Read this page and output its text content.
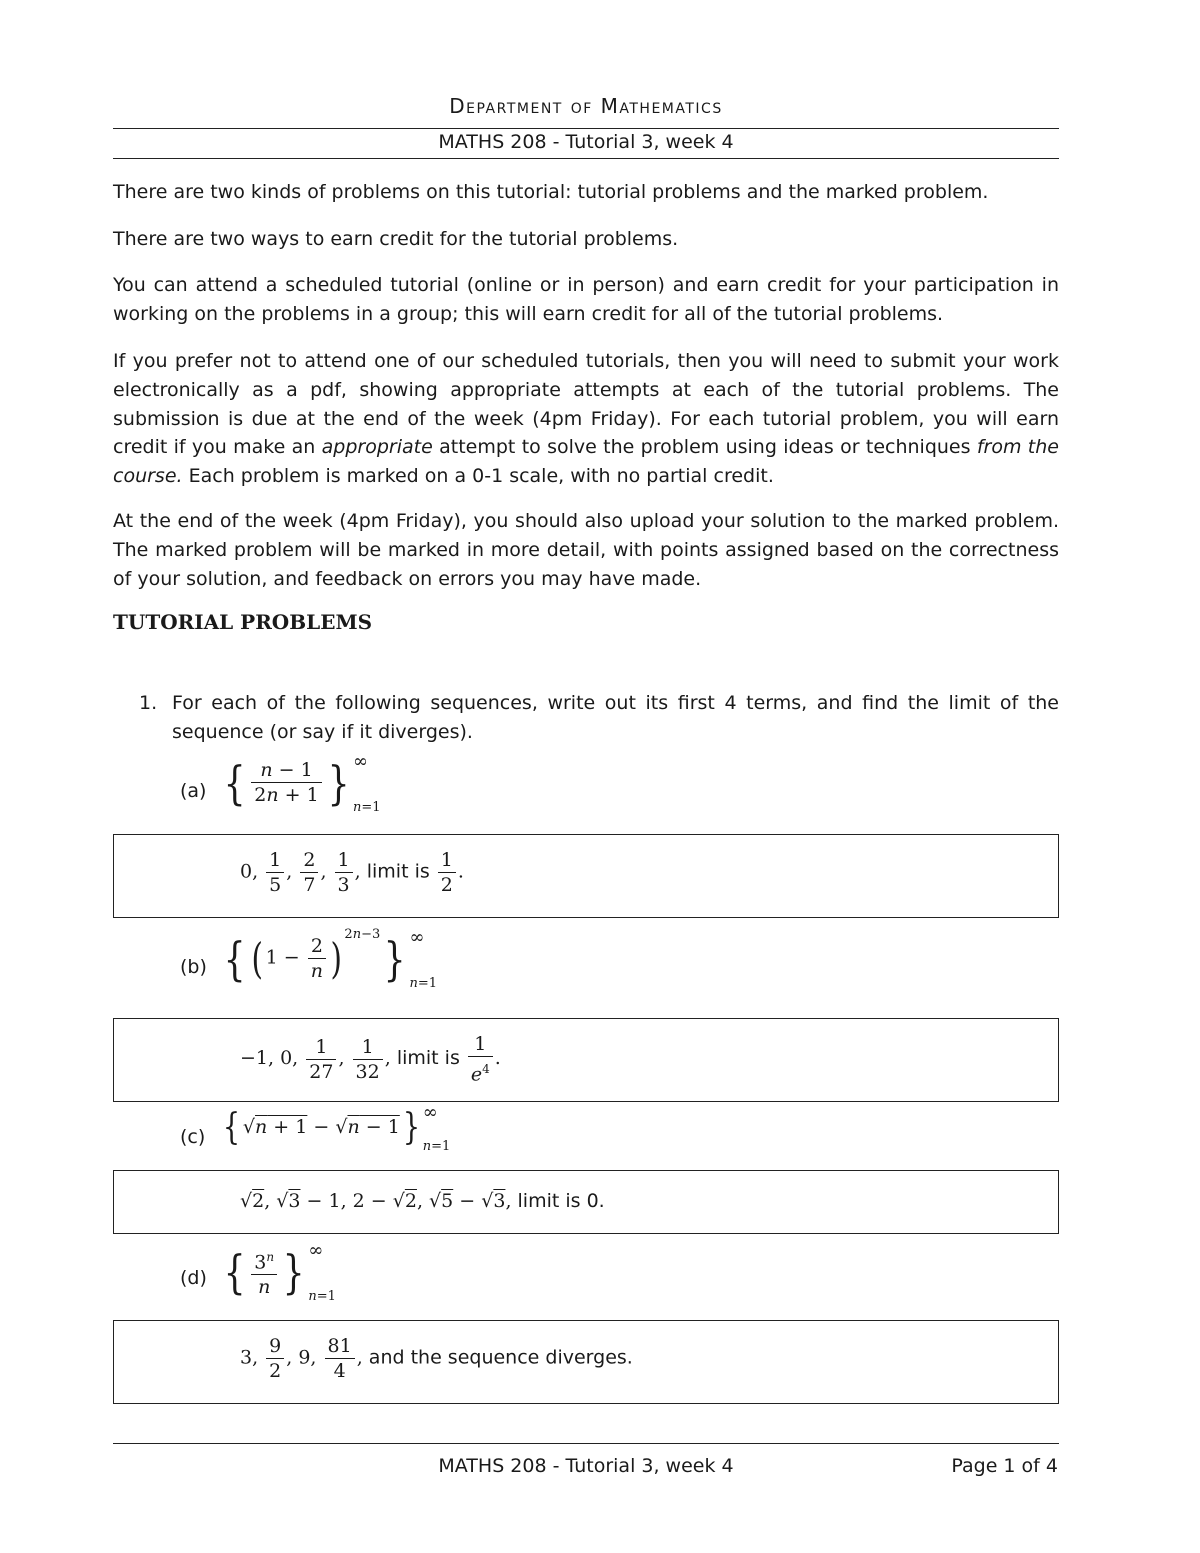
Department of Mathematics
MATHS 208 - Tutorial 3, week 4

There are two kinds of problems on this tutorial: tutorial problems and the marked problem.

There are two ways to earn credit for the tutorial problems.

You can attend a scheduled tutorial (online or in person) and earn credit for your participation in working on the problems in a group; this will earn credit for all of the tutorial problems.

If you prefer not to attend one of our scheduled tutorials, then you will need to submit your work electronically as a pdf, showing appropriate attempts at each of the tutorial problems. The submission is due at the end of the week (4pm Friday). For each tutorial problem, you will earn credit if you make an appropriate attempt to solve the problem using ideas or techniques from the course. Each problem is marked on a 0-1 scale, with no partial credit.

At the end of the week (4pm Friday), you should also upload your solution to the marked problem. The marked problem will be marked in more detail, with points assigned based on the correctness of your solution, and feedback on errors you may have made.

TUTORIAL PROBLEMS
1. For each of the following sequences, write out its first 4 terms, and find the limit of the sequence (or say if it diverges).
(a) { $\frac{n - 1}{2n + 1}$ } ∞
n=1
0, $\frac{1}{5}$ , $\frac{2}{7}$ , $\frac{1}{3}$ , limit is $\frac{1}{2}$ .
(b) { ( $1 - \frac{2}{n}$ ) $^{2n-3}$} ∞
n=1
−1, 0, $\frac{1}{27}$ , $\frac{1}{32}$ , limit is $\frac{1}{e^4}$ .
(c) { √n + 1 − √n − 1} ∞
n=1
√2, √3 − 1, 2 − √2, √5 − √3, limit is 0.
(d) { $\frac{3^n}{n}$ } ∞
n=1
3, $\frac{9}{2}$ , 9, $\frac{81}{4}$ , and the sequence diverges.
MATHS 208 - Tutorial 3, week 4	Page 1 of 4
